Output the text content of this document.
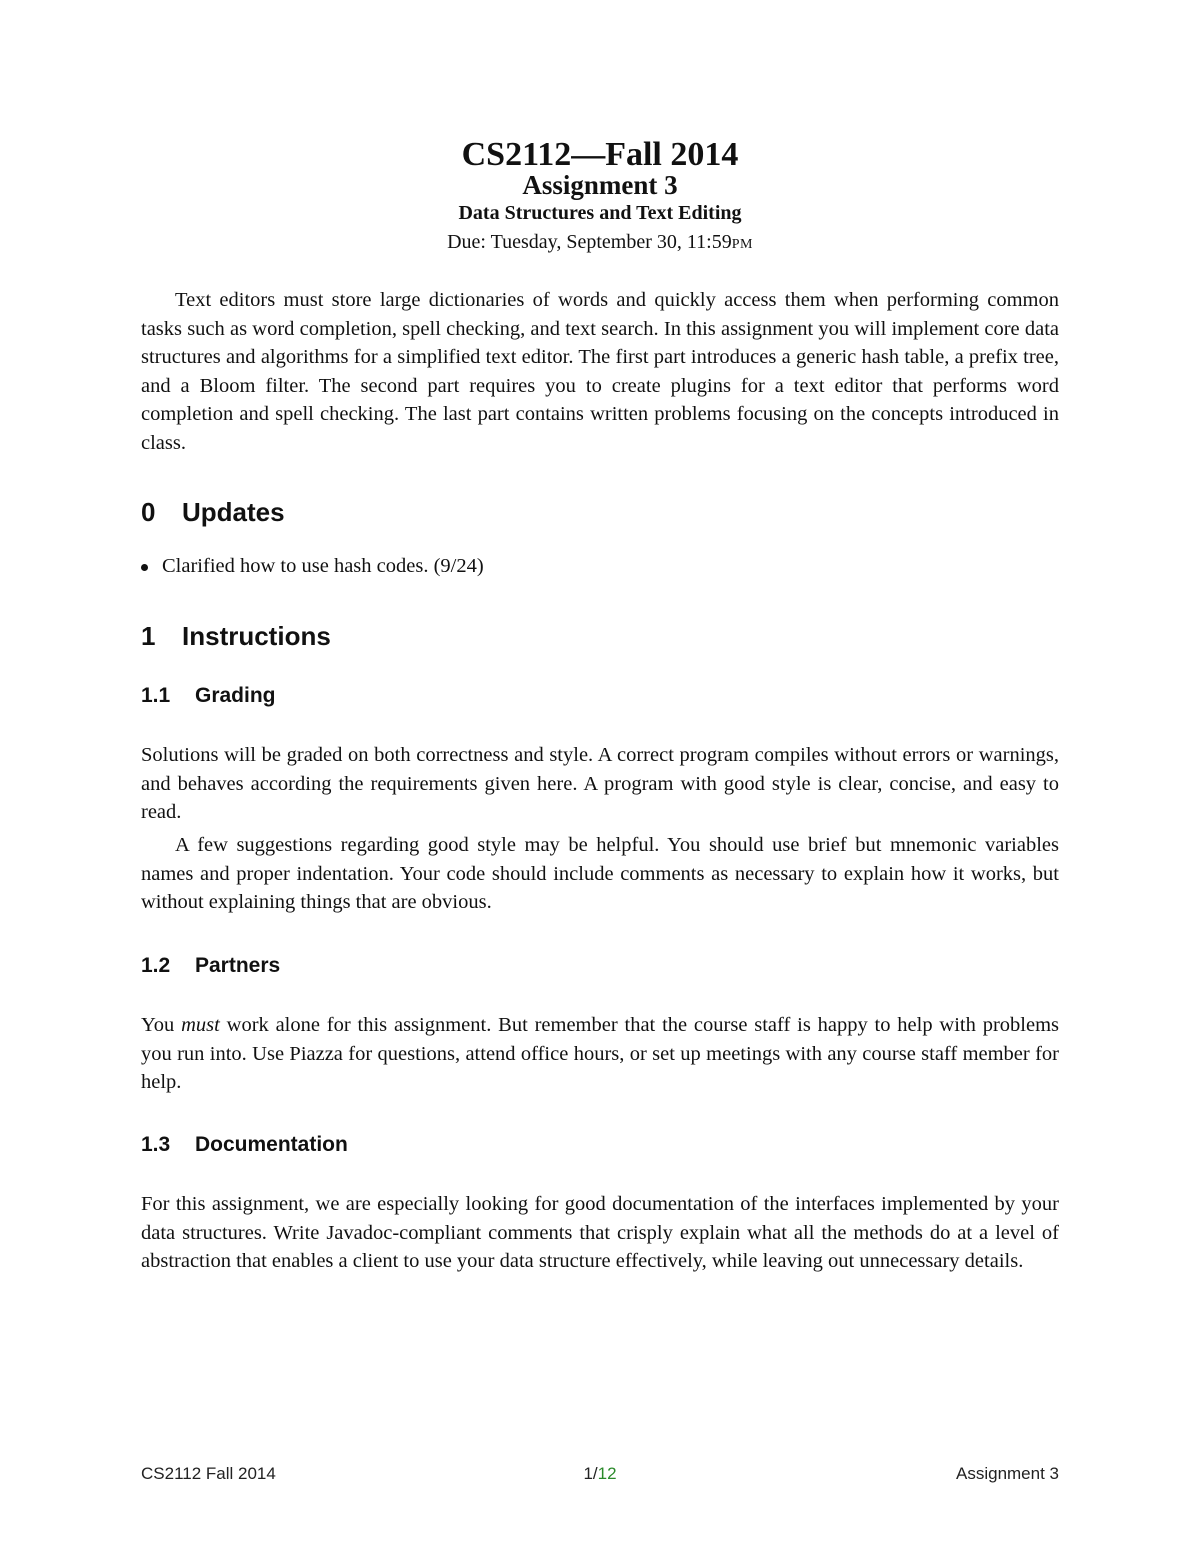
CS2112—Fall 2014
Assignment 3
Data Structures and Text Editing
Due: Tuesday, September 30, 11:59PM
Text editors must store large dictionaries of words and quickly access them when performing common tasks such as word completion, spell checking, and text search. In this assignment you will implement core data structures and algorithms for a simplified text editor. The first part introduces a generic hash table, a prefix tree, and a Bloom filter. The second part requires you to create plugins for a text editor that performs word completion and spell checking. The last part contains written problems focusing on the concepts introduced in class.
0 Updates
Clarified how to use hash codes. (9/24)
1 Instructions
1.1 Grading
Solutions will be graded on both correctness and style. A correct program compiles without errors or warnings, and behaves according the requirements given here. A program with good style is clear, concise, and easy to read.
A few suggestions regarding good style may be helpful. You should use brief but mnemonic variables names and proper indentation. Your code should include comments as necessary to explain how it works, but without explaining things that are obvious.
1.2 Partners
You must work alone for this assignment. But remember that the course staff is happy to help with problems you run into. Use Piazza for questions, attend office hours, or set up meetings with any course staff member for help.
1.3 Documentation
For this assignment, we are especially looking for good documentation of the interfaces implemented by your data structures. Write Javadoc-compliant comments that crisply explain what all the methods do at a level of abstraction that enables a client to use your data structure effectively, while leaving out unnecessary details.
CS2112 Fall 2014	1/12	Assignment 3
